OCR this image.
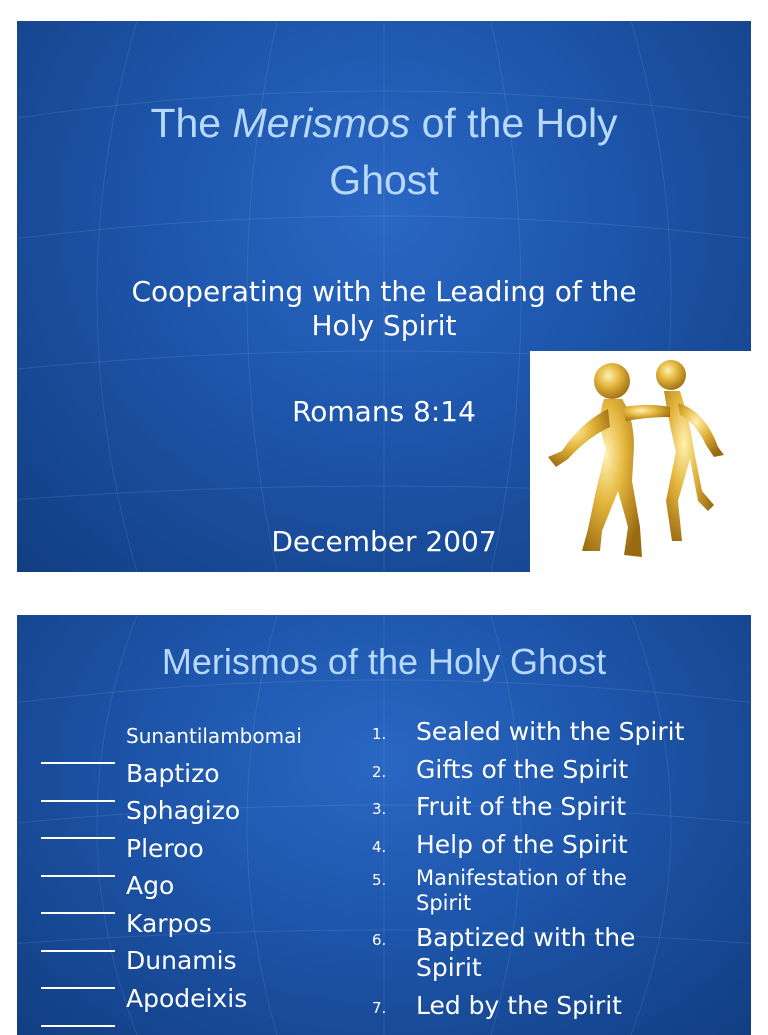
The Merismos of the Holy
Ghost
Cooperating with the Leading of the
Holy Spirit
Romans 8:14
December 2007
Merismos of the Holy Ghost
Sunantilambomai
Baptizo
Sphagizo
Pleroo
Ago
Karpos
Dunamis
Apodeixis
1. Sealed with the Spirit
2. Gifts of the Spirit
3. Fruit of the Spirit
4. Help of the Spirit
5. Manifestation of the
Spirit
6. Baptized with the
Spirit
7. Led by the Spirit
